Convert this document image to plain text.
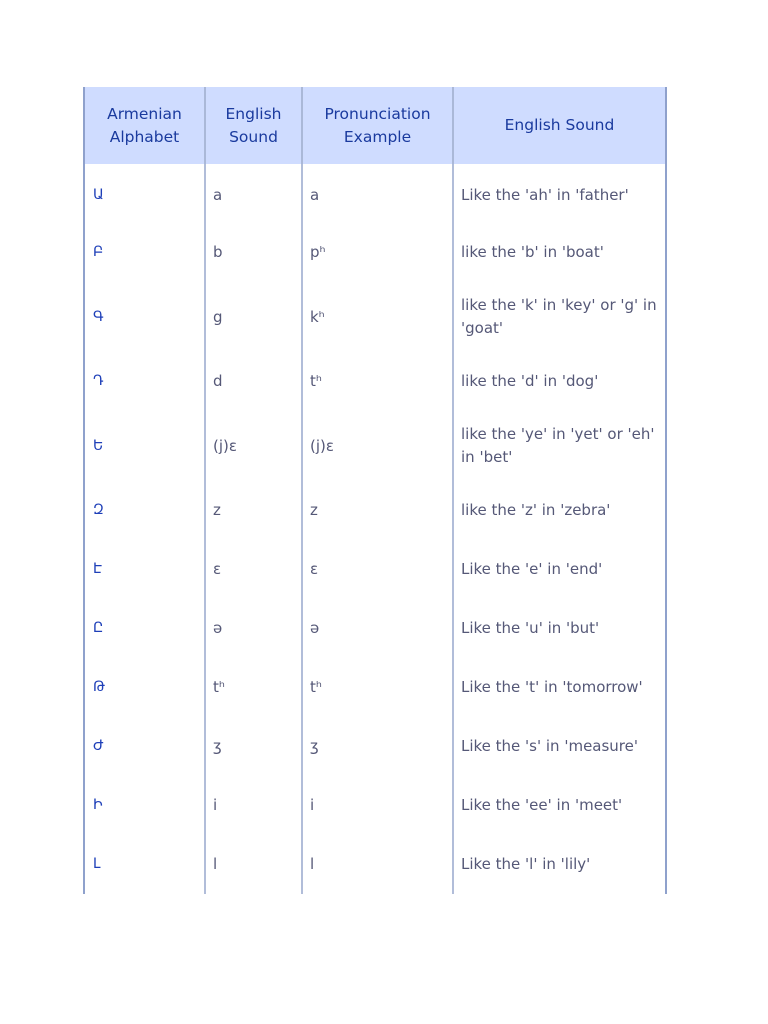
Armenian Alphabet	English Sound	Pronunciation Example	English Sound
Ա	a	a	Like the 'ah' in 'father'
Բ	b	pʰ	like the 'b' in 'boat'
Գ	g	kʰ	like the 'k' in 'key' or 'g' in 'goat'
Դ	d	tʰ	like the 'd' in 'dog'
Ե	(j)ɛ	(j)ɛ	like the 'ye' in 'yet' or 'eh' in 'bet'
Զ	z	z	like the 'z' in 'zebra'
Է	ɛ	ɛ	Like the 'e' in 'end'
Ը	ə	ə	Like the 'u' in 'but'
Թ	tʰ	tʰ	Like the 't' in 'tomorrow'
Ժ	ʒ	ʒ	Like the 's' in 'measure'
Ի	i	i	Like the 'ee' in 'meet'
Լ	l	l	Like the 'l' in 'lily'
